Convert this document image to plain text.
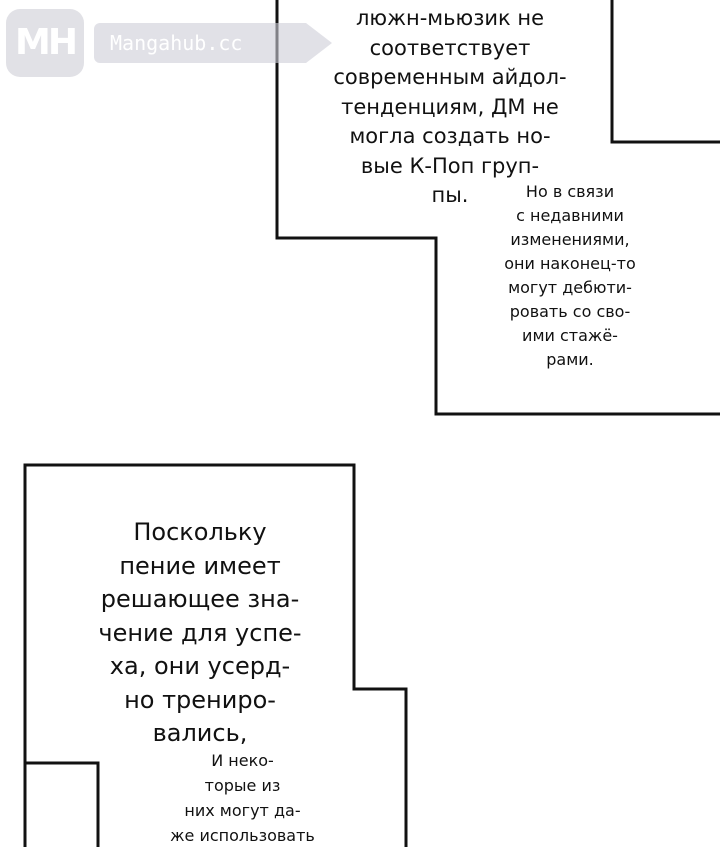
MH	Mangahub.cc
люжн-мьюзик не
соответствует
современным айдол-
тенденциям, ДМ не
могла создать но-
вые К-Поп груп-
пы.	Но в связи
с недавними
изменениями,
они наконец-то
могут дебюти-
ровать со сво-
ими стажё-
рами.
Поскольку
пение имеет
решающее зна-
чение для успе-
ха, они усерд-
но трениро-
вались,
И неко-
торые из
них могут да-
же использовать
